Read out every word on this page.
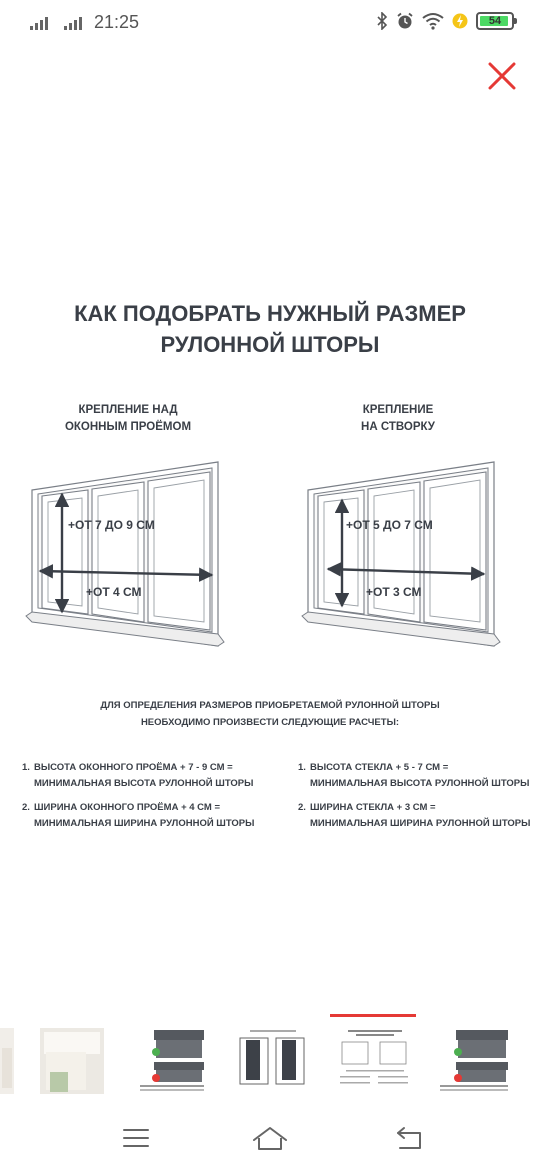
21:25	54
КАК ПОДОБРАТЬ НУЖНЫЙ РАЗМЕР
РУЛОННОЙ ШТОРЫ
КРЕПЛЕНИЕ НАД
ОКОННЫМ ПРОЁМОМ
КРЕПЛЕНИЕ
НА СТВОРКУ
+ОТ 7 ДО 9 СМ
+ОТ 4 СМ
+ОТ 5 ДО 7 СМ
+ОТ 3 СМ
ДЛЯ ОПРЕДЕЛЕНИЯ РАЗМЕРОВ ПРИОБРЕТАЕМОЙ РУЛОННОЙ ШТОРЫ
НЕОБХОДИМО ПРОИЗВЕСТИ СЛЕДУЮЩИЕ РАСЧЕТЫ:
1. ВЫСОТА ОКОННОГО ПРОЁМА + 7 - 9 СМ =
МИНИМАЛЬНАЯ ВЫСОТА РУЛОННОЙ ШТОРЫ
2. ШИРИНА ОКОННОГО ПРОЁМА + 4 СМ =
МИНИМАЛЬНАЯ ШИРИНА РУЛОННОЙ ШТОРЫ
1. ВЫСОТА СТЕКЛА + 5 - 7 СМ =
МИНИМАЛЬНАЯ ВЫСОТА РУЛОННОЙ ШТОРЫ
2. ШИРИНА СТЕКЛА + 3 СМ =
МИНИМАЛЬНАЯ ШИРИНА РУЛОННОЙ ШТОРЫ
